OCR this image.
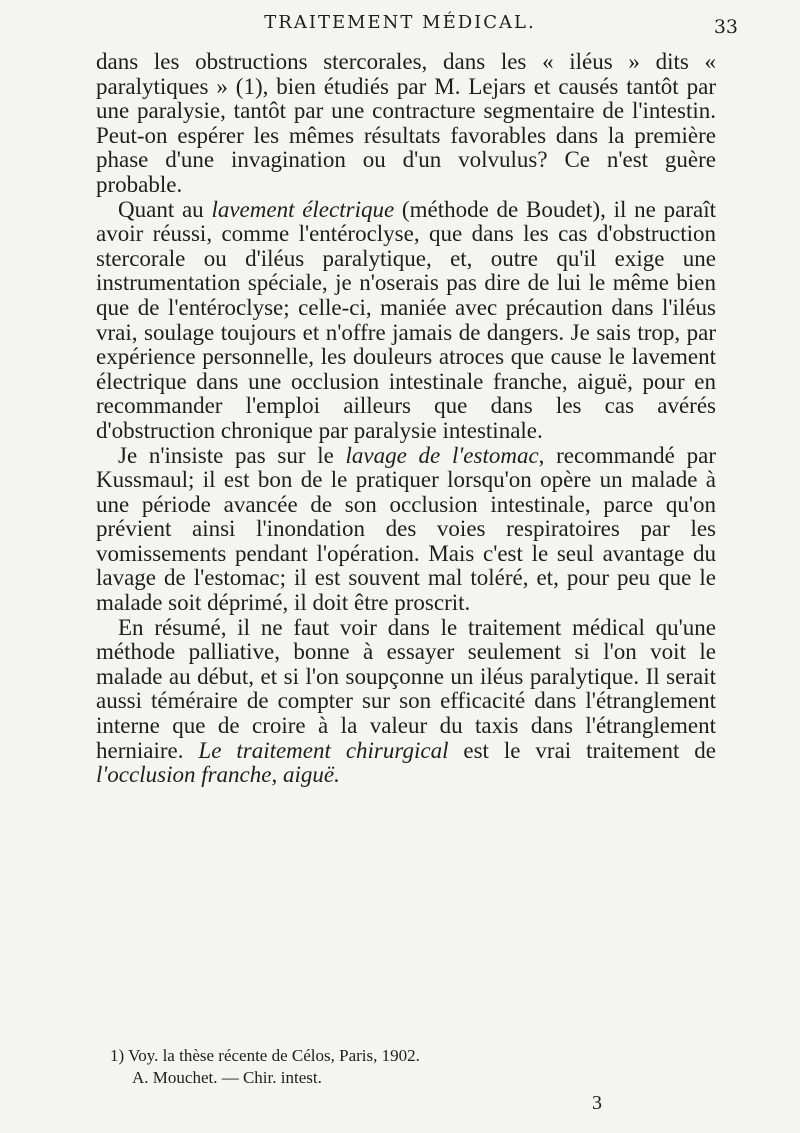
TRAITEMENT MÉDICAL.	33

dans les obstructions stercorales, dans les « iléus » dits « paralytiques » (1), bien étudiés par M. Lejars et causés tantôt par une paralysie, tantôt par une contracture segmentaire de l'intestin. Peut-on espérer les mêmes résultats favorables dans la première phase d'une invagination ou d'un volvulus? Ce n'est guère probable.

Quant au lavement électrique (méthode de Boudet), il ne paraît avoir réussi, comme l'entéroclyse, que dans les cas d'obstruction stercorale ou d'iléus paralytique, et, outre qu'il exige une instrumentation spéciale, je n'oserais pas dire de lui le même bien que de l'entéroclyse; celle-ci, maniée avec précaution dans l'iléus vrai, soulage toujours et n'offre jamais de dangers. Je sais trop, par expérience personnelle, les douleurs atroces que cause le lavement électrique dans une occlusion intestinale franche, aiguë, pour en recommander l'emploi ailleurs que dans les cas avérés d'obstruction chronique par paralysie intestinale.

Je n'insiste pas sur le lavage de l'estomac, recommandé par Kussmaul; il est bon de le pratiquer lorsqu'on opère un malade à une période avancée de son occlusion intestinale, parce qu'on prévient ainsi l'inondation des voies respiratoires par les vomissements pendant l'opération. Mais c'est le seul avantage du lavage de l'estomac; il est souvent mal toléré, et, pour peu que le malade soit déprimé, il doit être proscrit.

En résumé, il ne faut voir dans le traitement médical qu'une méthode palliative, bonne à essayer seulement si l'on voit le malade au début, et si l'on soupçonne un iléus paralytique. Il serait aussi téméraire de compter sur son efficacité dans l'étranglement interne que de croire à la valeur du taxis dans l'étranglement herniaire. Le traitement chirurgical est le vrai traitement de l'occlusion franche, aiguë.

1) Voy. la thèse récente de Célos, Paris, 1902.
A. Mouchet. — Chir. intest.
3
